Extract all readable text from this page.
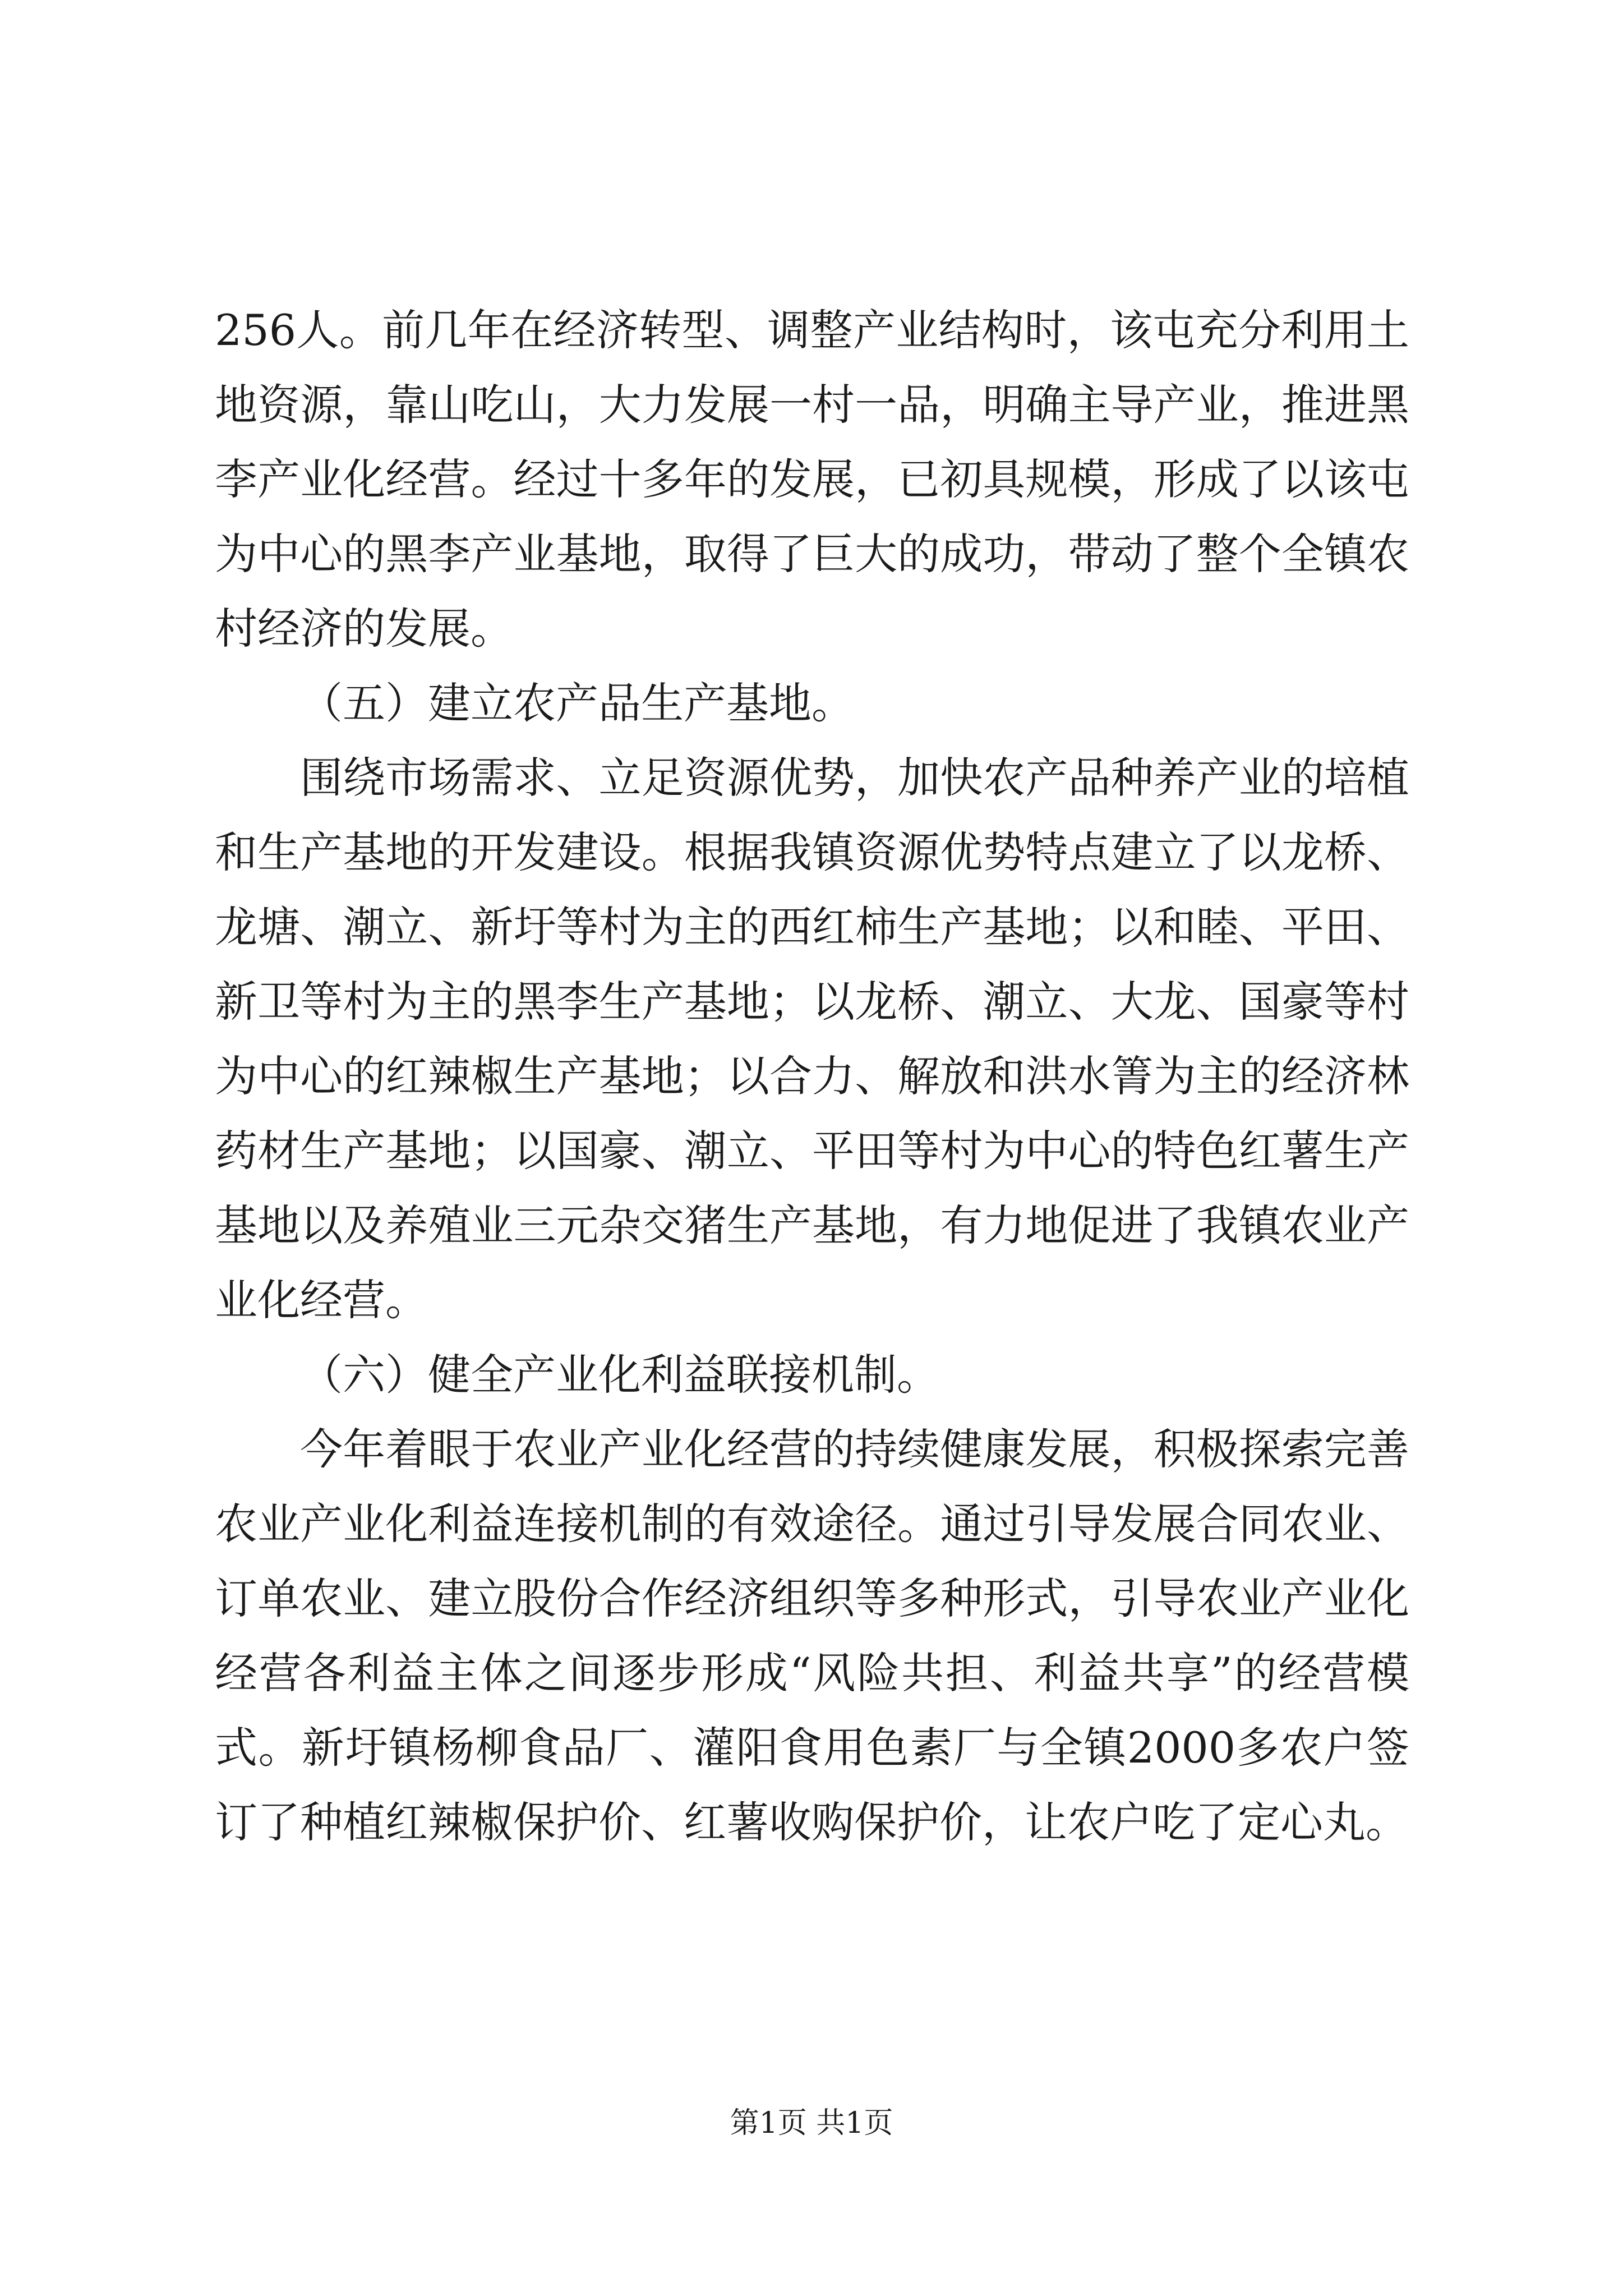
256人。前几年在经济转型、调整产业结构时，该屯充分利用土地资源，靠山吃山，大力发展一村一品，明确主导产业，推进黑李产业化经营。经过十多年的发展，已初具规模，形成了以该屯为中心的黑李产业基地，取得了巨大的成功，带动了整个全镇农村经济的发展。

（五）建立农产品生产基地。

围绕市场需求、立足资源优势，加快农产品种养产业的培植和生产基地的开发建设。根据我镇资源优势特点建立了以龙桥、龙塘、潮立、新圩等村为主的西红柿生产基地；以和睦、平田、新卫等村为主的黑李生产基地；以龙桥、潮立、大龙、国豪等村为中心的红辣椒生产基地；以合力、解放和洪水箐为主的经济林药材生产基地；以国豪、潮立、平田等村为中心的特色红薯生产基地以及养殖业三元杂交猪生产基地，有力地促进了我镇农业产业化经营。

（六）健全产业化利益联接机制。

今年着眼于农业产业化经营的持续健康发展，积极探索完善农业产业化利益连接机制的有效途径。通过引导发展合同农业、订单农业、建立股份合作经济组织等多种形式，引导农业产业化经营各利益主体之间逐步形成“风险共担、利益共享”的经营模式。新圩镇杨柳食品厂、灌阳食用色素厂与全镇2000多农户签订了种植红辣椒保护价、红薯收购保护价，让农户吃了定心丸。

第1页 共1页
